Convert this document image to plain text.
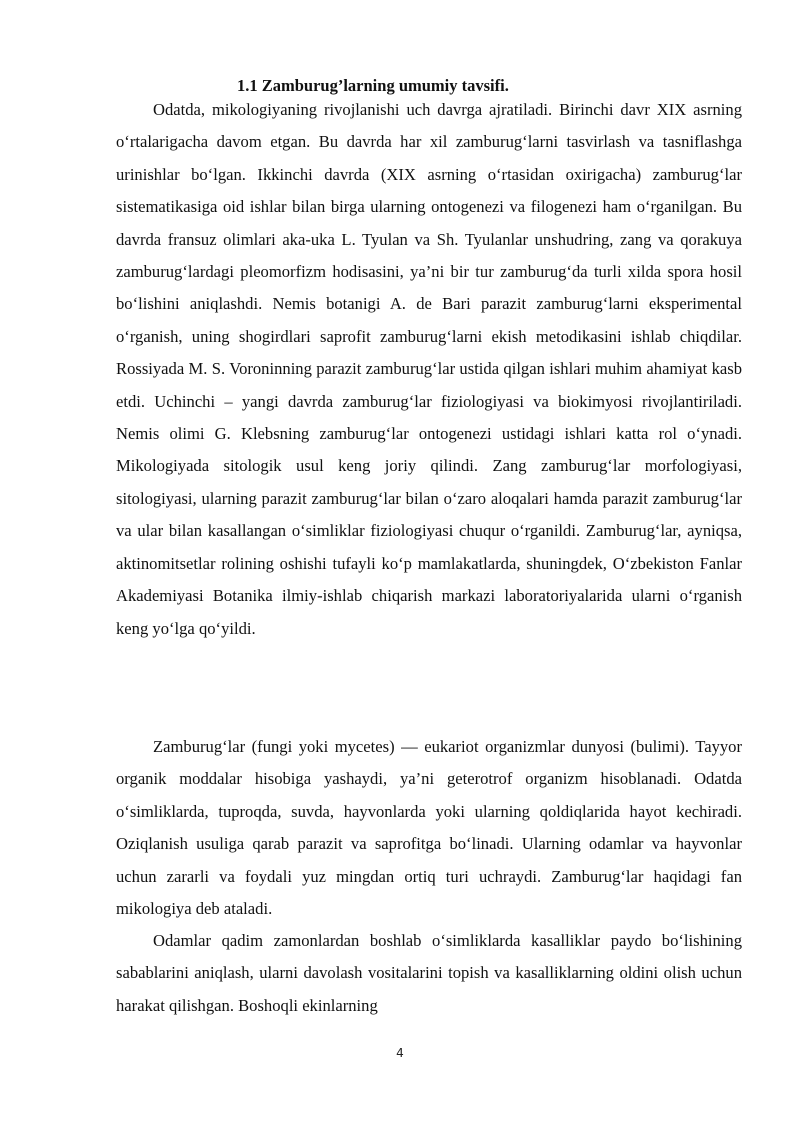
1.1 Zamburug’larning umumiy tavsifi.

Odatda, mikologiyaning rivojlanishi uch davrga ajratiladi. Birinchi davr XIX asrning o‘rtalarigacha davom etgan. Bu davrda har xil zamburug‘larni tasvirlash va tasniflashga urinishlar bo‘lgan. Ikkinchi davrda (XIX asrning o‘rtasidan oxirigacha) zamburug‘lar sistematikasiga oid ishlar bilan birga ularning ontogenezi va filogenezi ham o‘rganilgan. Bu davrda fransuz olimlari aka-uka L. Tyulan va Sh. Tyulanlar unshudring, zang va qorakuya zamburug‘lardagi pleomorfizm hodisasini, ya’ni bir tur zamburug‘da turli xilda spora hosil bo‘lishini aniqlashdi. Nemis botanigi A. de Bari parazit zamburug‘larni eksperimental o‘rganish, uning shogirdlari saprofit zamburug‘larni ekish metodikasini ishlab chiqdilar. Rossiyada M. S. Voroninning parazit zamburug‘lar ustida qilgan ishlari muhim ahamiyat kasb etdi. Uchinchi – yangi davrda zamburug‘lar fiziologiyasi va biokimyosi rivojlantiriladi. Nemis olimi G. Klebsning zamburug‘lar ontogenezi ustidagi ishlari katta rol o‘ynadi. Mikologiyada sitologik usul keng joriy qilindi. Zang zamburug‘lar morfologiyasi, sitologiyasi, ularning parazit zamburug‘lar bilan o‘zaro aloqalari hamda parazit zamburug‘lar va ular bilan kasallangan o‘simliklar fiziologiyasi chuqur o‘rganildi. Zamburug‘lar, ayniqsa, aktinomitsetlar rolining oshishi tufayli ko‘p mamlakatlarda, shuningdek, O‘zbekiston Fanlar Akademiyasi Botanika ilmiy-ishlab chiqarish markazi laboratoriyalarida ularni o‘rganish keng yo‘lga qo‘yildi.

Zamburug‘lar (fungi yoki mycetes) — eukariot organizmlar dunyosi (bulimi). Tayyor organik moddalar hisobiga yashaydi, ya’ni geterotrof organizm hisoblanadi. Odatda o‘simliklarda, tuproqda, suvda, hayvonlarda yoki ularning qoldiqlarida hayot kechiradi. Oziqlanish usuliga qarab parazit va saprofitga bo‘linadi. Ularning odamlar va hayvonlar uchun zararli va foydali yuz mingdan ortiq turi uchraydi. Zamburug‘lar haqidagi fan mikologiya deb ataladi.

Odamlar qadim zamonlardan boshlab o‘simliklarda kasalliklar paydo bo‘lishining sabablarini aniqlash, ularni davolash vositalarini topish va kasalliklarning oldini olish uchun harakat qilishgan. Boshoqli ekinlarning

4
